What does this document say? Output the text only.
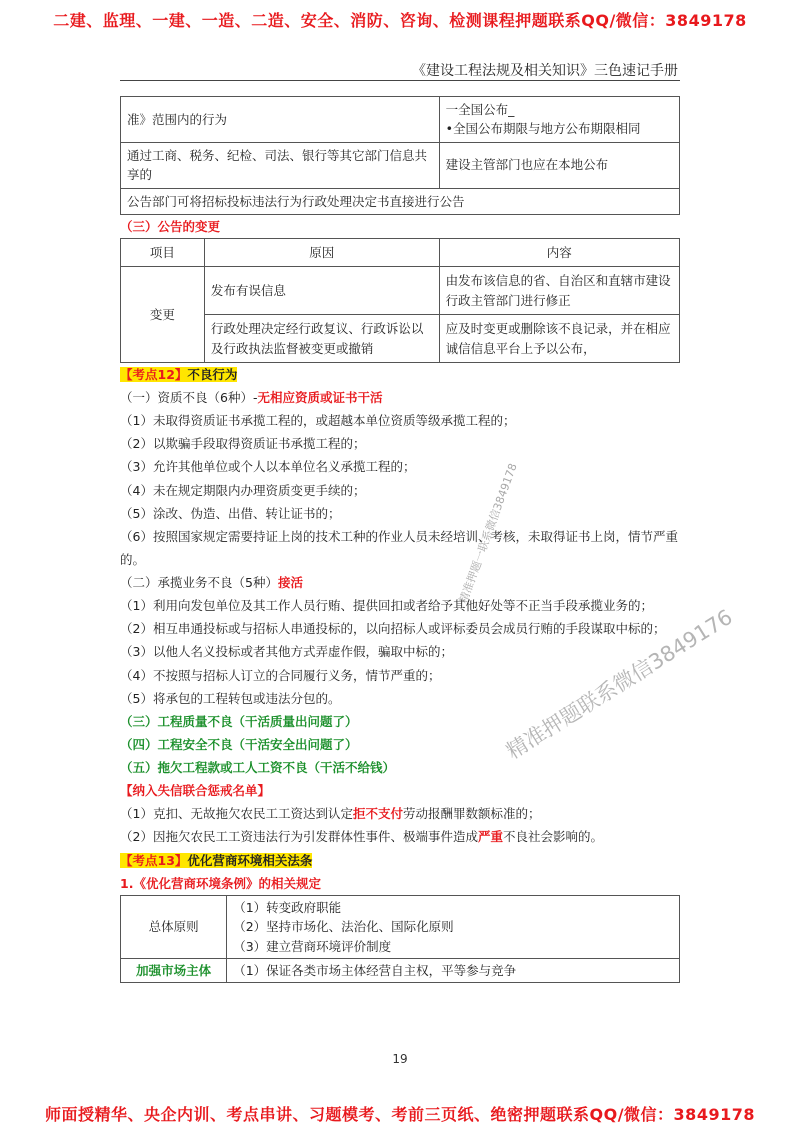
二建、监理、一建、一造、二造、安全、消防、咨询、检测课程押题联系QQ/微信：3849178
《建设工程法规及相关知识》三色速记手册
准》范围内的行为	一全国公布_
•全国公布期限与地方公布期限相同

通过工商、税务、纪检、司法、银行等其它部门信息共享的	建设主管部门也应在本地公布
公告部门可将招标投标违法行为行政处理决定书直接进行公告	

（三）公告的变更

项目	原因	内容
变更	发布有误信息	由发布该信息的省、自治区和直辖市建设行政主管部门进行修正
	行政处理决定经行政复议、行政诉讼以及行政执法监督被变更或撤销	应及时变更或删除该不良记录，并在相应诚信信息平台上予以公布，

【考点12】不良行为

（一）资质不良（6种）-无相应资质或证书干活

（1）未取得资质证书承揽工程的，或超越本单位资质等级承揽工程的；

（2）以欺骗手段取得资质证书承揽工程的；

（3）允许其他单位或个人以本单位名义承揽工程的；

（4）未在规定期限内办理资质变更手续的；

（5）涂改、伪造、出借、转让证书的；

（6）按照国家规定需要持证上岗的技术工种的作业人员未经培训、考核，未取得证书上岗，情节严重的。

（二）承揽业务不良（5种）接活

（1）利用向发包单位及其工作人员行贿、提供回扣或者给予其他好处等不正当手段承揽业务的；

（2）相互串通投标或与招标人串通投标的，以向招标人或评标委员会成员行贿的手段谋取中标的；

（3）以他人名义投标或者其他方式弄虚作假，骗取中标的；

（4）不按照与招标人订立的合同履行义务，情节严重的；

（5）将承包的工程转包或违法分包的。

（三）工程质量不良（干活质量出问题了）

（四）工程安全不良（干活安全出问题了）

（五）拖欠工程款或工人工资不良（干活不给钱）

【纳入失信联合惩戒名单】

（1）克扣、无故拖欠农民工工资达到认定拒不支付劳动报酬罪数额标准的；

（2）因拖欠农民工工资违法行为引发群体性事件、极端事件造成严重不良社会影响的。

【考点13】优化营商环境相关法条

1.《优化营商环境条例》的相关规定

总体原则	（1）转变政府职能
（2）坚持市场化、法治化、国际化原则
（3）建立营商环境评价制度

加强市场主体	（1）保证各类市场主体经营自主权，平等参与竞争
精准押题一联系微信3849178
精准押题联系微信3849176
19
师面授精华、央企内训、考点串讲、习题模考、考前三页纸、绝密押题联系QQ/微信：3849178
